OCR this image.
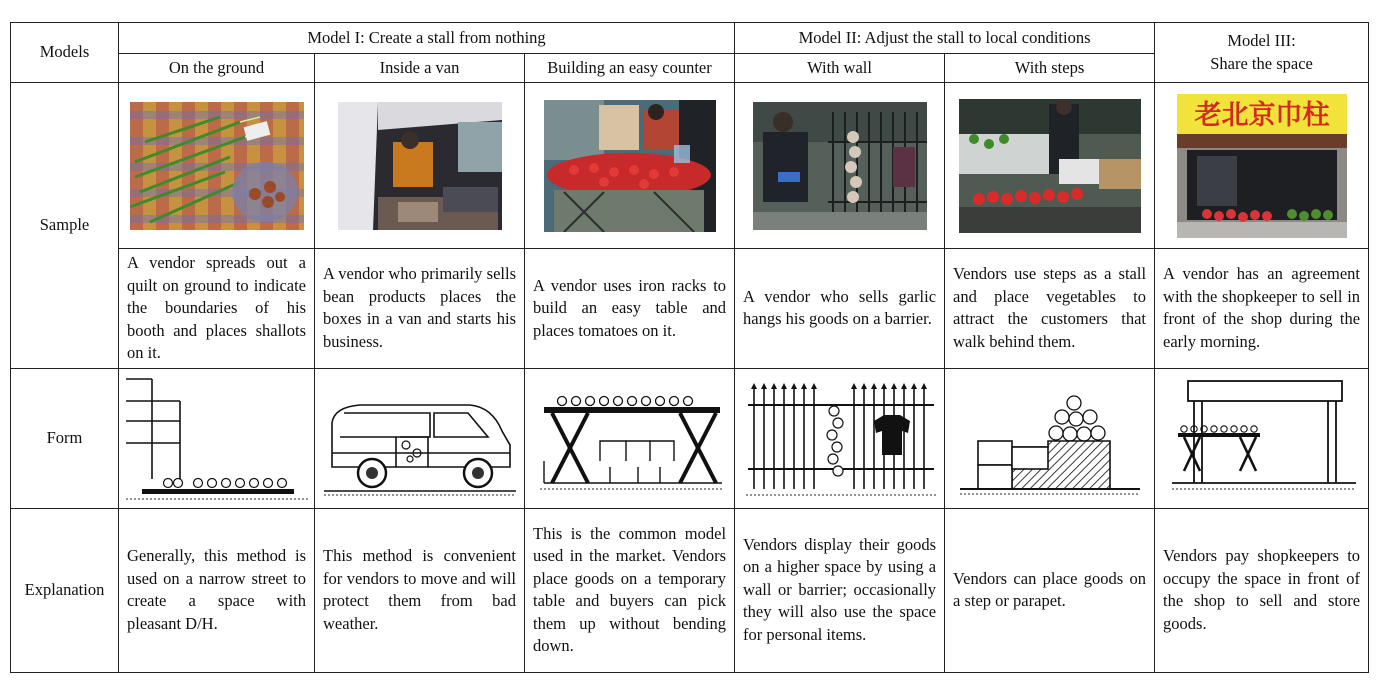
Models	Model I: Create a stall from nothing			Model II: Adjust the stall to local conditions		Model III:
Share the space

	On the ground	Inside a van	Building an easy counter	With wall	With steps	
Sample						老北京巾柱

	A vendor spreads out a quilt on ground to indicate the boundaries of his booth and places shallots on it.	A vendor who primarily sells bean products places the boxes in a van and starts his business.	A vendor uses iron racks to build an easy table and places tomatoes on it.	A vendor who sells garlic hangs his goods on a barrier.	Vendors use steps as a stall and place vegetables to attract the customers that walk behind them.	A vendor has an agreement with the shopkeeper to sell in front of the shop during the early morning.
Form	

Explanation	Generally, this method is used on a narrow street to create a space with pleasant D/H.	This method is convenient for vendors to move and will protect them from bad weather.	This is the common model used in the market. Vendors place goods on a temporary table and buyers can pick them up without bending down.	Vendors display their goods on a higher space by using a wall or barrier; occasionally they will also use the space for personal items.	Vendors can place goods on a step or parapet.	Vendors pay shopkeepers to occupy the space in front of the shop to sell and store goods.
